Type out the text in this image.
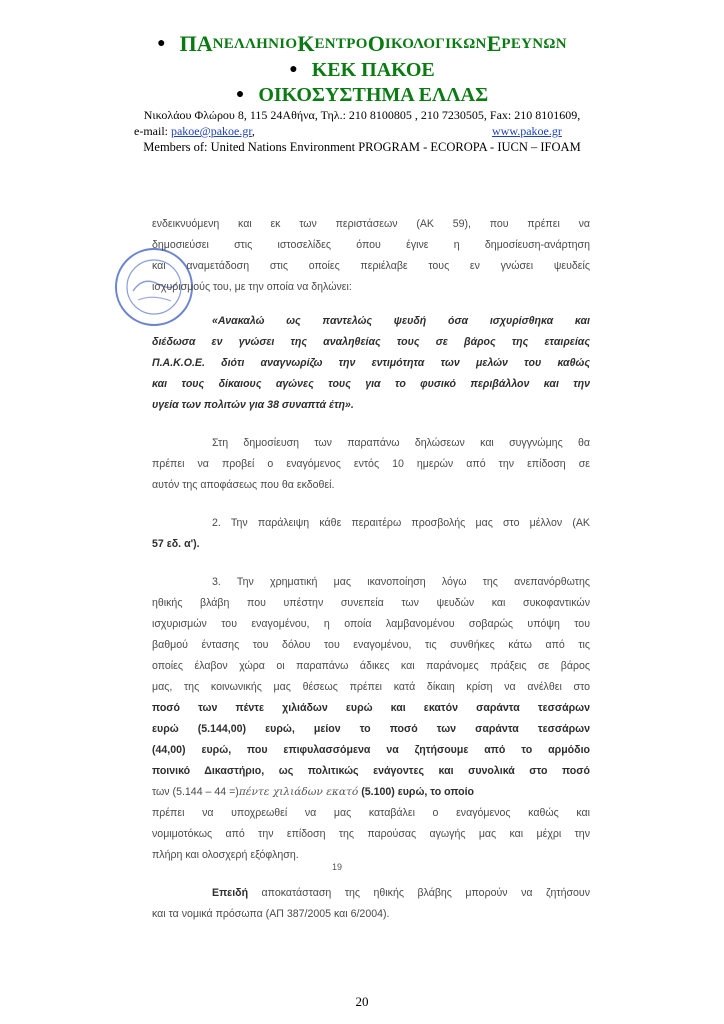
● Π Α ΝΕΛΛΗΝΙΟ Κ ΕΝΤΡΟ Ο ΙΚΟΛΟΓΙΚΩΝ Ε ΡΕΥΝΩΝ
● ΚΕΚ ΠΑΚΟΕ
● ΟΙΚΟΣΥΣΤΗΜΑ ΕΛΛΑΣ
Νικολάου Φλώρου 8, 115 24Αθήνα, Τηλ.: 210 8100805 , 210 7230505, Fax: 210 8101609,
e-mail: pakoe@pakoe.gr,	www.pakoe.gr
Members of: United Nations Environment PROGRAM - ECOROPA - IUCN – IFOAM

ενδεικνυόμενη και εκ των περιστάσεων (ΑΚ 59), που πρέπει να

δημοσιεύσει στις ιστοσελίδες όπου έγινε η δημοσίευση-ανάρτηση

και αναμετάδοση στις οποίες περιέλαβε τους εν γνώσει ψευδείς

ισχυρισμούς του, με την οποία να δηλώνει:

«Ανακαλώ ως παντελώς ψευδή όσα ισχυρίσθηκα και

διέδωσα εν γνώσει της αναληθείας τους σε βάρος της εταιρείας

Π.Α.Κ.Ο.Ε. διότι αναγνωρίζω την εντιμότητα των μελών του καθώς

και τους δίκαιους αγώνες τους για το φυσικό περιβάλλον και την

υγεία των πολιτών για 38 συναπτά έτη».

Στη δημοσίευση των παραπάνω δηλώσεων και συγγνώμης θα

πρέπει να προβεί ο εναγόμενος εντός 10 ημερών από την επίδοση σε

αυτόν της αποφάσεως που θα εκδοθεί.

2. Την παράλειψη κάθε περαιτέρω προσβολής μας στο μέλλον (ΑΚ

57 εδ. α').

3. Την χρηματική μας ικανοποίηση λόγω της ανεπανόρθωτης

ηθικής βλάβη που υπέστην συνεπεία των ψευδών και συκοφαντικών

ισχυρισμών του εναγομένου, η οποία λαμβανομένου σοβαρώς υπόψη του

βαθμού έντασης του δόλου του εναγομένου, τις συνθήκες κάτω από τις

οποίες έλαβον χώρα οι παραπάνω άδικες και παράνομες πράξεις σε βάρος

μας, της κοινωνικής μας θέσεως πρέπει κατά δίκαιη κρίση να ανέλθει στο

ποσό των πέντε χιλιάδων ευρώ και εκατόν σαράντα τεσσάρων

ευρώ (5.144,00) ευρώ, μείον το ποσό των σαράντα τεσσάρων

(44,00) ευρώ, που επιφυλασσόμενα να ζητήσουμε από το αρμόδιο

ποινικό Δικαστήριο, ως πολιτικώς ενάγοντες και συνολικά στο ποσό

των (5.144 – 44 =)πέντε χιλιάδων εκατό (5.100) ευρώ, το οποίο

πρέπει να υποχρεωθεί να μας καταβάλει ο εναγόμενος καθώς και

νομιμοτόκως από την επίδοση της παρούσας αγωγής μας και μέχρι την

πλήρη και ολοσχερή εξόφληση.

Επειδή αποκατάσταση της ηθικής βλάβης μπορούν να ζητήσουν

και τα νομικά πρόσωπα (ΑΠ 387/2005 και 6/2004).

19
20
